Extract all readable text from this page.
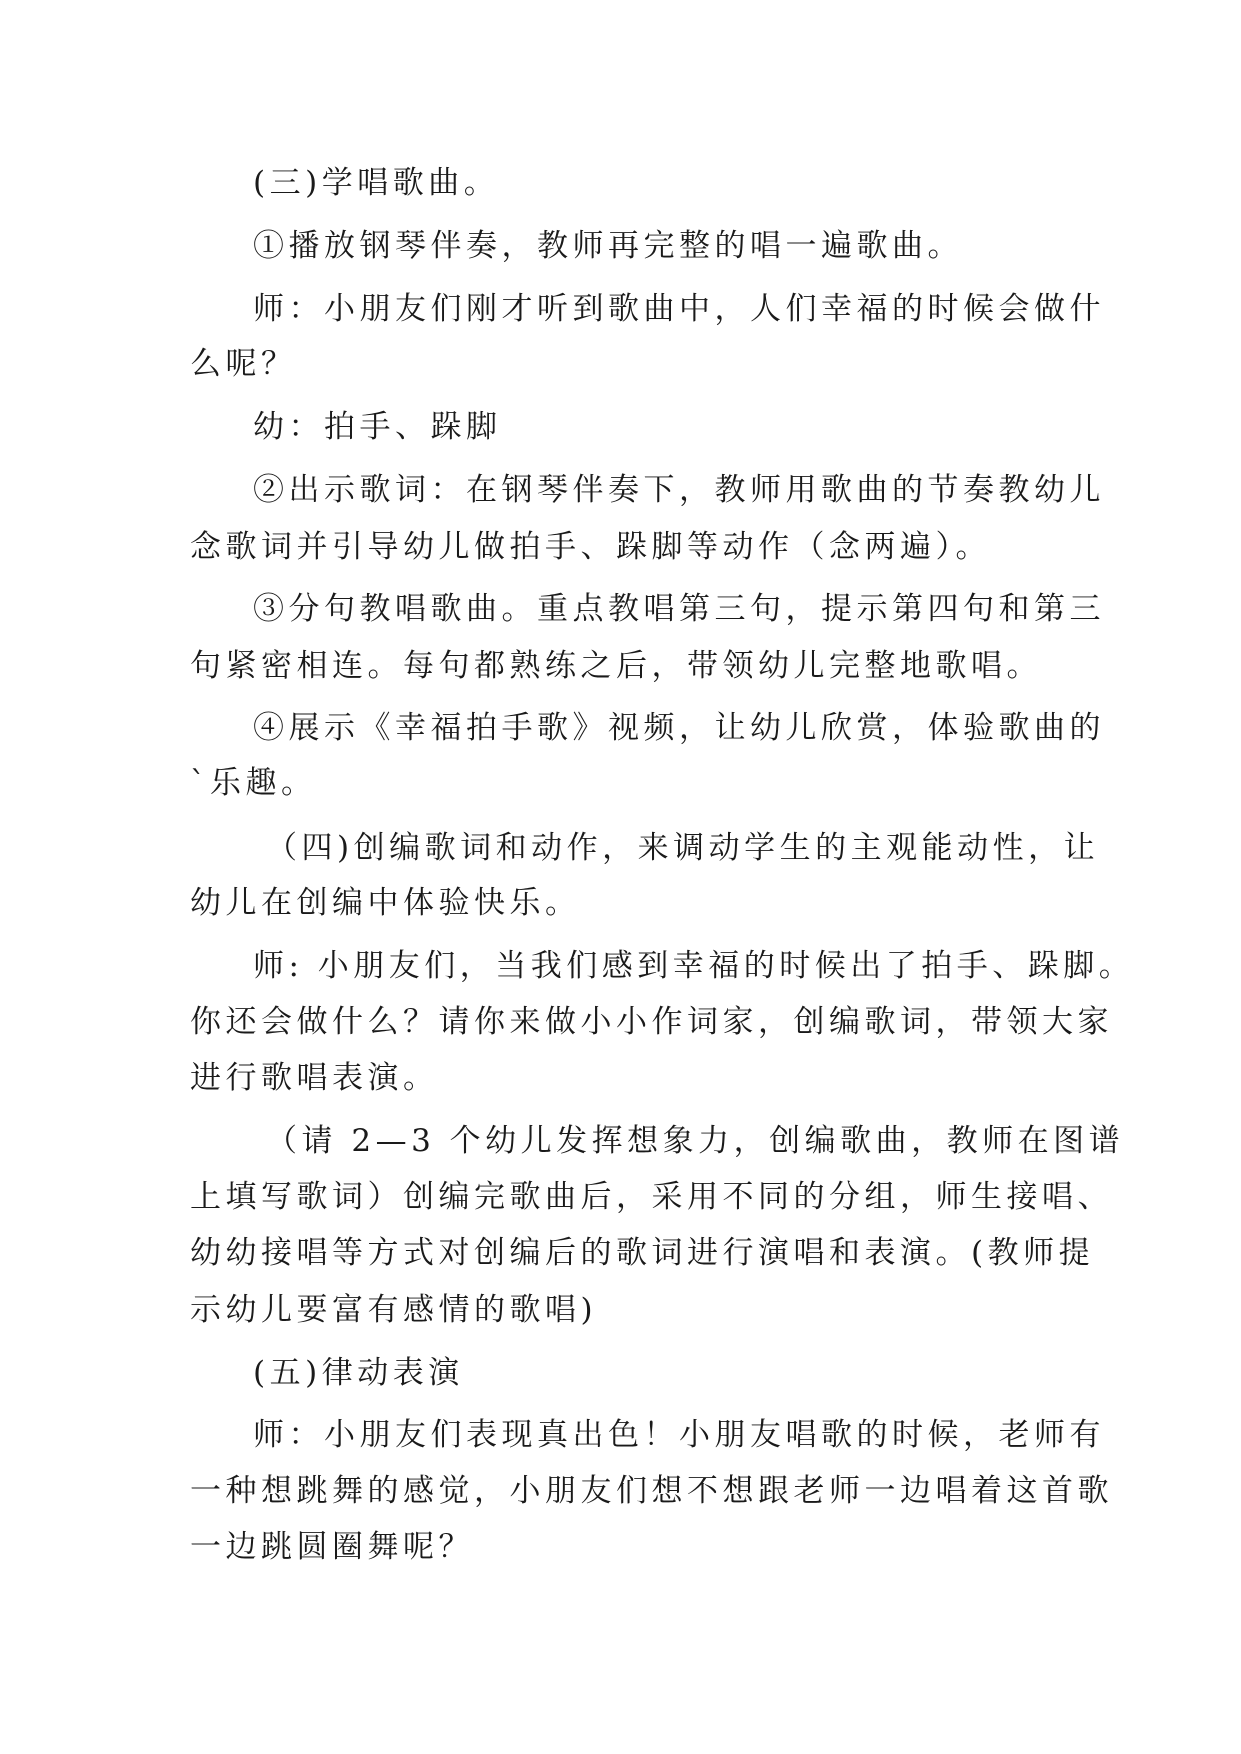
(三)学唱歌曲。
①播放钢琴伴奏，教师再完整的唱一遍歌曲。
师：小朋友们刚才听到歌曲中，人们幸福的时候会做什
么呢？
幼：拍手、跺脚
②出示歌词：在钢琴伴奏下，教师用歌曲的节奏教幼儿
念歌词并引导幼儿做拍手、跺脚等动作（念两遍）。
③分句教唱歌曲。重点教唱第三句，提示第四句和第三
句紧密相连。每句都熟练之后，带领幼儿完整地歌唱。
④展示《幸福拍手歌》视频，让幼儿欣赏，体验歌曲的
`乐趣。
（四)创编歌词和动作，来调动学生的主观能动性，让
幼儿在创编中体验快乐。
师: 小朋友们，当我们感到幸福的时候出了拍手、跺脚。
你还会做什么？请你来做小小作词家，创编歌词，带领大家
进行歌唱表演。
（请 2—3 个幼儿发挥想象力，创编歌曲，教师在图谱
上填写歌词）创编完歌曲后，采用不同的分组，师生接唱、
幼幼接唱等方式对创编后的歌词进行演唱和表演。(教师提
示幼儿要富有感情的歌唱)
(五)律动表演
师：小朋友们表现真出色！小朋友唱歌的时候，老师有
一种想跳舞的感觉，小朋友们想不想跟老师一边唱着这首歌
一边跳圆圈舞呢？
